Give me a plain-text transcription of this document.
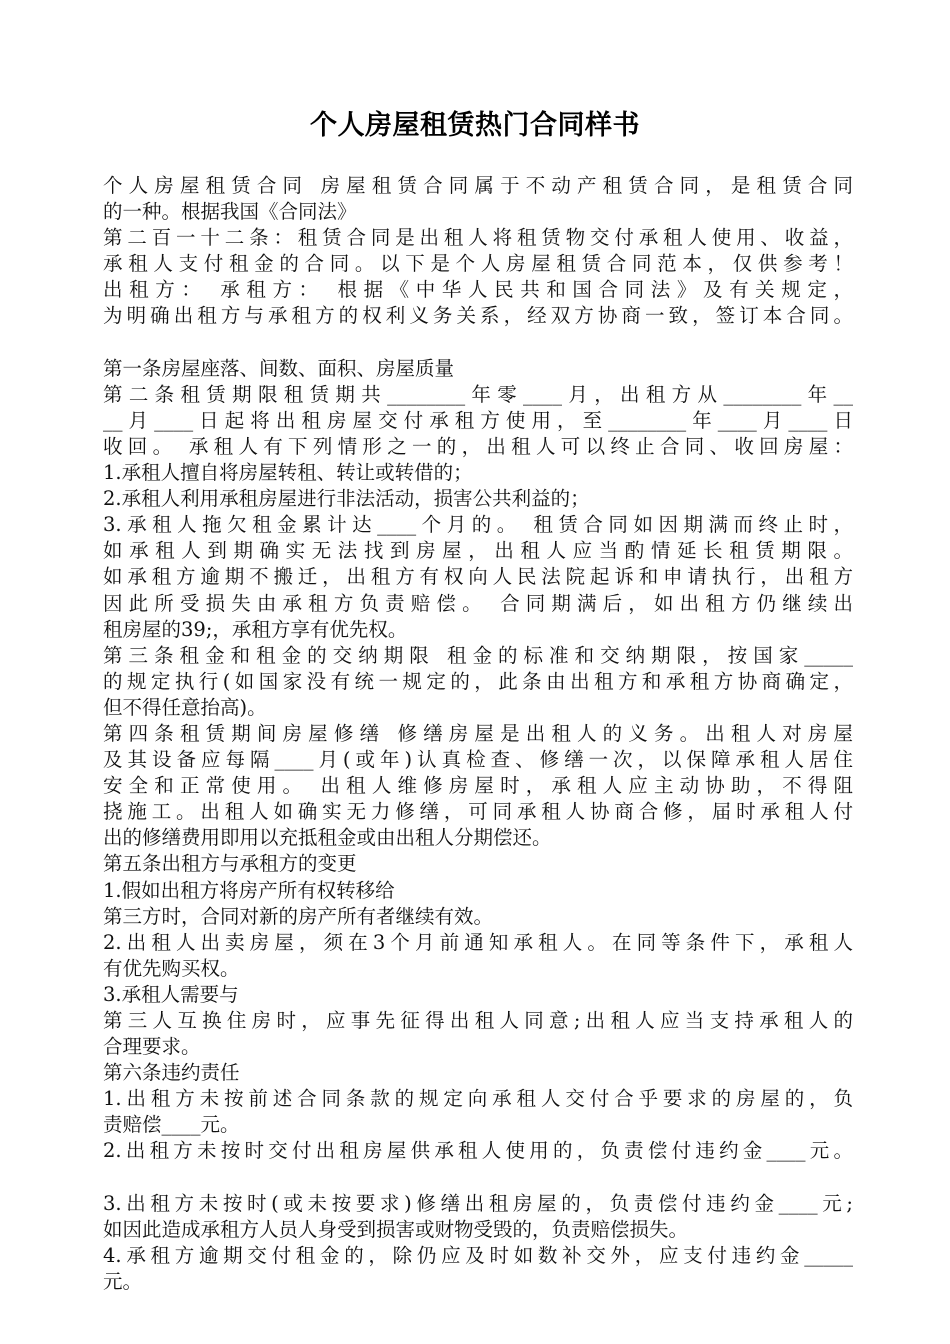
个人房屋租赁热门合同样书
个人房屋租赁合同 房屋租赁合同属于不动产租赁合同，是租赁合同
的一种。根据我国《合同法》
第二百一十二条：租赁合同是出租人将租赁物交付承租人使用、收益，
承租人支付租金的合同。以下是个人房屋租赁合同范本，仅供参考！
出租方： 承租方： 根据《中华人民共和国合同法》及有关规定，
为明确出租方与承租方的权利义务关系，经双方协商一致，签订本合同。
第一条房屋座落、间数、面积、房屋质量
第二条租赁期限租赁期共________年零____月，出租方从________年__
__月____日起将出租房屋交付承租方使用，至________年____月____日
收回。 承租人有下列情形之一的，出租人可以终止合同、收回房屋：
1.承租人擅自将房屋转租、转让或转借的；
2.承租人利用承租房屋进行非法活动，损害公共利益的；
3.承租人拖欠租金累计达____个月的。 租赁合同如因期满而终止时，
如承租人到期确实无法找到房屋，出租人应当酌情延长租赁期限。
如承租方逾期不搬迁，出租方有权向人民法院起诉和申请执行，出租方
因此所受损失由承租方负责赔偿。 合同期满后，如出租方仍继续出
租房屋的39;，承租方享有优先权。
第三条租金和租金的交纳期限 租金的标准和交纳期限，按国家_____
的规定执行(如国家没有统一规定的，此条由出租方和承租方协商确定，
但不得任意抬高)。
第四条租赁期间房屋修缮 修缮房屋是出租人的义务。出租人对房屋
及其设备应每隔____月(或年)认真检查、修缮一次，以保障承租人居住
安全和正常使用。 出租人维修房屋时，承租人应主动协助，不得阻
挠施工。出租人如确实无力修缮，可同承租人协商合修，届时承租人付
出的修缮费用即用以充抵租金或由出租人分期偿还。
第五条出租方与承租方的变更
1.假如出租方将房产所有权转移给
第三方时，合同对新的房产所有者继续有效。
2.出租人出卖房屋，须在3个月前通知承租人。在同等条件下，承租人
有优先购买权。
3.承租人需要与
第三人互换住房时，应事先征得出租人同意;出租人应当支持承租人的
合理要求。
第六条违约责任
1.出租方未按前述合同条款的规定向承租人交付合乎要求的房屋的，负
责赔偿____元。
2.出租方未按时交付出租房屋供承租人使用的，负责偿付违约金____元。
3.出租方未按时(或未按要求)修缮出租房屋的，负责偿付违约金____元;
如因此造成承租方人员人身受到损害或财物受毁的，负责赔偿损失。
4.承租方逾期交付租金的，除仍应及时如数补交外，应支付违约金_____
元。
